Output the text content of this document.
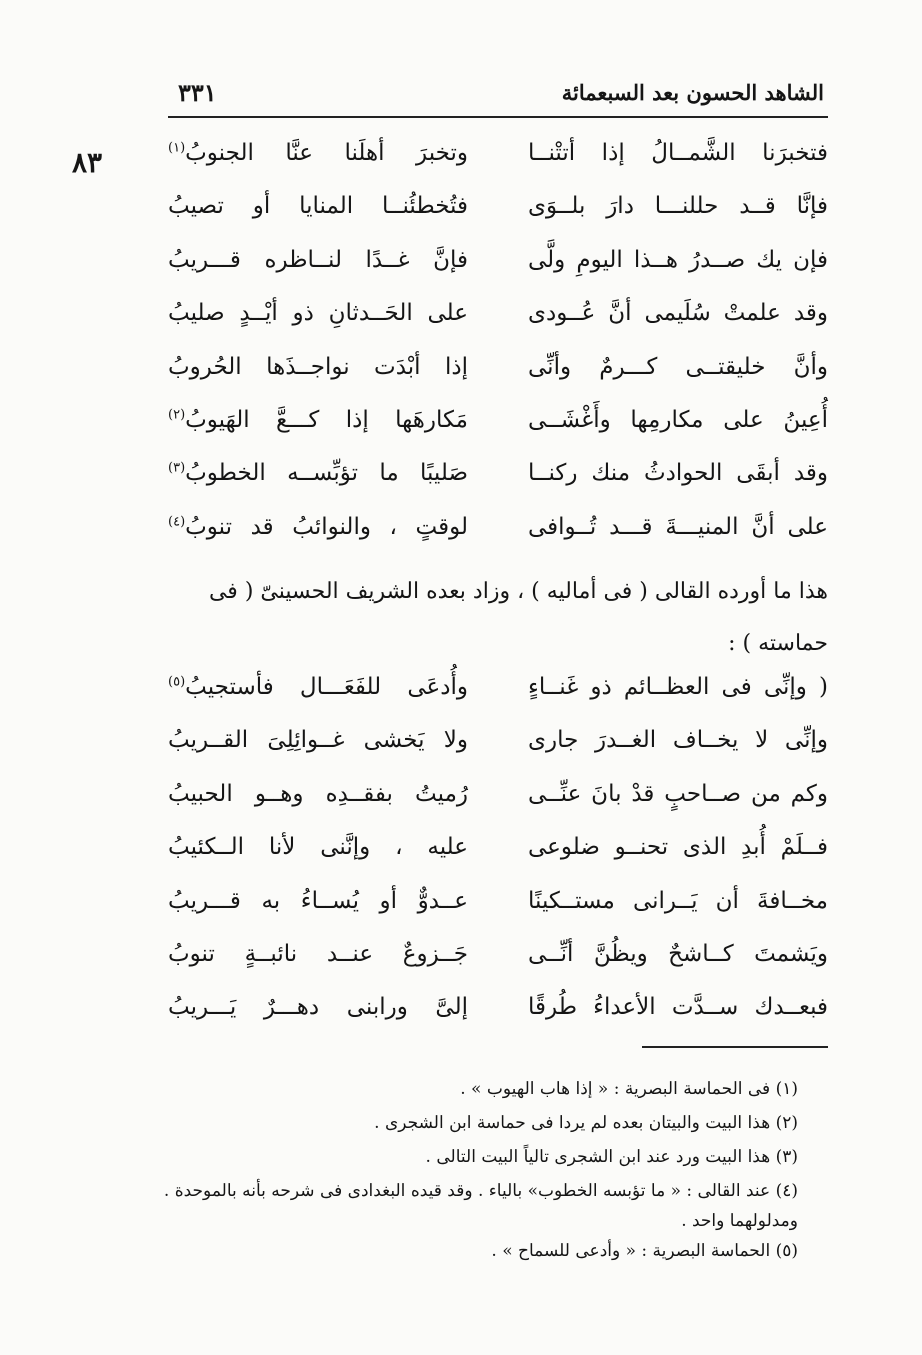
الشاهد الحسون بعد السبعمائة
٣٣١
٨٣	فتخبرَنا الشَّمــالُ إذا أتتْنــا
وتخبرَ أهلَنا عنَّا الجنوبُ$^{(١)}$
فإنَّا قــد حللنـــا دارَ بلــوَى
فتُخطئُنــا المنايا أو تصيبُ
فإن يك صــدرُ هــذا اليومِ ولَّى
فإنَّ غــدًا لنــاظره قـــريبُ
وقد علمتْ سُلَيمى أنَّ عُــودى
على الحَــدثانِ ذو أيْــدٍ صليبُ
وأنَّ خليقتــى كـــرمٌ وأنِّى
إذا أبْدَت نواجــذَها الحُروبُ
أُعِينُ على مكارمِها وأَغْشَــى
مَكارهَها إذا كـــعَّ الهَيوبُ$^{(٢)}$
وقد أبقَى الحوادثُ منك ركنــا
صَليبًا ما تؤبِّســه الخطوبُ$^{(٣)}$
على أنَّ المنيـــةَ قـــد تُــوافى
لوقتٍ ، والنوائبُ قد تنوبُ$^{(٤)}$
هذا ما أورده القالى ( فى أماليه ) ، وزاد بعده الشريف الحسينىّ ( فى
حماسته ) :
( وإنِّى فى العظــائم ذو غَنــاءٍ
وأُدعَى للفَعَـــال فأستجيبُ$^{(٥)}$
وإنِّى لا يخــاف الغــدرَ جارى
ولا يَخشى غــوائِلِىَ القــريبُ
وكم من صــاحبٍ قدْ بانَ عنِّــى
رُميتُ بفقــدِه وهــو الحبيبُ
فــلَمْ أُبدِ الذى تحنــو ضلوعى
عليه ، وإنَّنى لأنا الــكئيبُ
مخــافةَ أن يَــرانى مستــكينًا
عــدوٌّ أو يُســاءُ به قـــريبُ
ويَشمتَ كــاشحٌ ويظُنَّ أنِّــى
جَــزوعٌ عنــد نائبــةٍ تنوبُ
فبعــدك ســدَّت الأعداءُ طُرقًا
إلىَّ ورابنى دهـــرٌ يَـــريبُ
(١) فى الحماسة البصرية : « إذا هاب الهيوب » .
(٢) هذا البيت والبيتان بعده لم يردا فى حماسة ابن الشجرى .
(٣) هذا البيت ورد عند ابن الشجرى تالياً البيت التالى .
(٤) عند القالى : « ما تؤبسه الخطوب» بالياء . وقد قيده البغدادى فى شرحه بأنه بالموحدة .
ومدلولهما واحد .
(٥) الحماسة البصرية : « وأدعى للسماح » .
